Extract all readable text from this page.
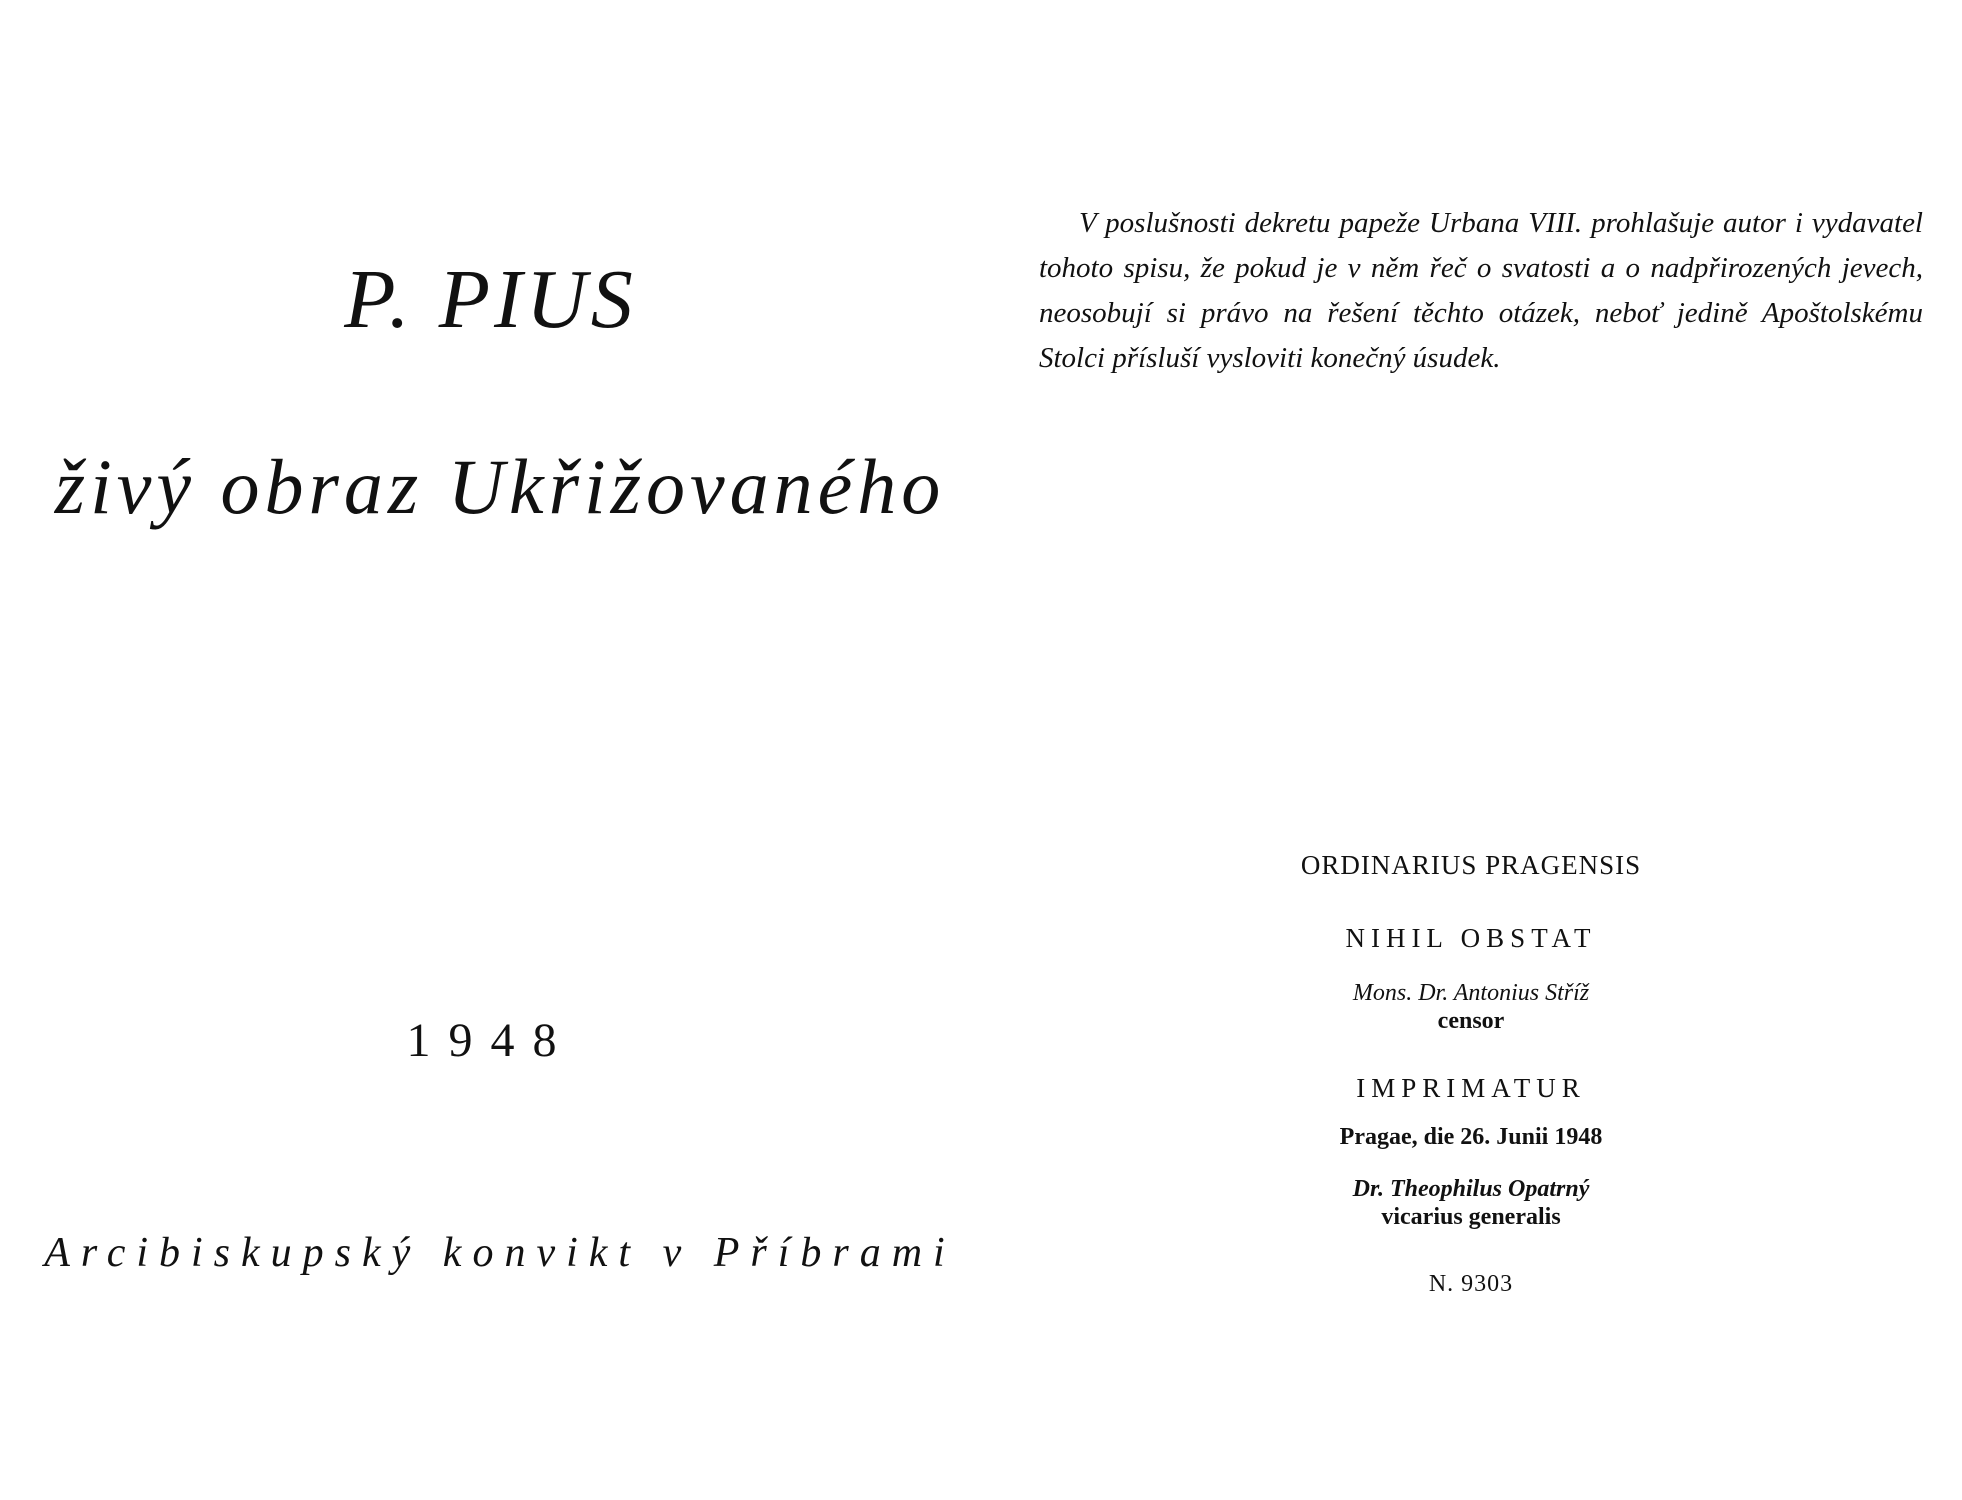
P. PIUS
živý obraz Ukřižovaného
1948
Arcibiskupský konvikt v Příbrami

V poslušnosti dekretu papeže Urbana VIII. prohlašuje autor i vydavatel tohoto spisu, že pokud je v něm řeč o svatosti a o nadpřirozených jevech, neosobují si právo na řešení těchto otázek, neboť jedině Apoštolskému Stolci přísluší vysloviti konečný úsudek.

ORDINARIUS PRAGENSIS
NIHIL OBSTAT
Mons. Dr. Antonius Stříž
censor
IMPRIMATUR
Pragae, die 26. Junii 1948
Dr. Theophilus Opatrný
vicarius generalis
N. 9303
